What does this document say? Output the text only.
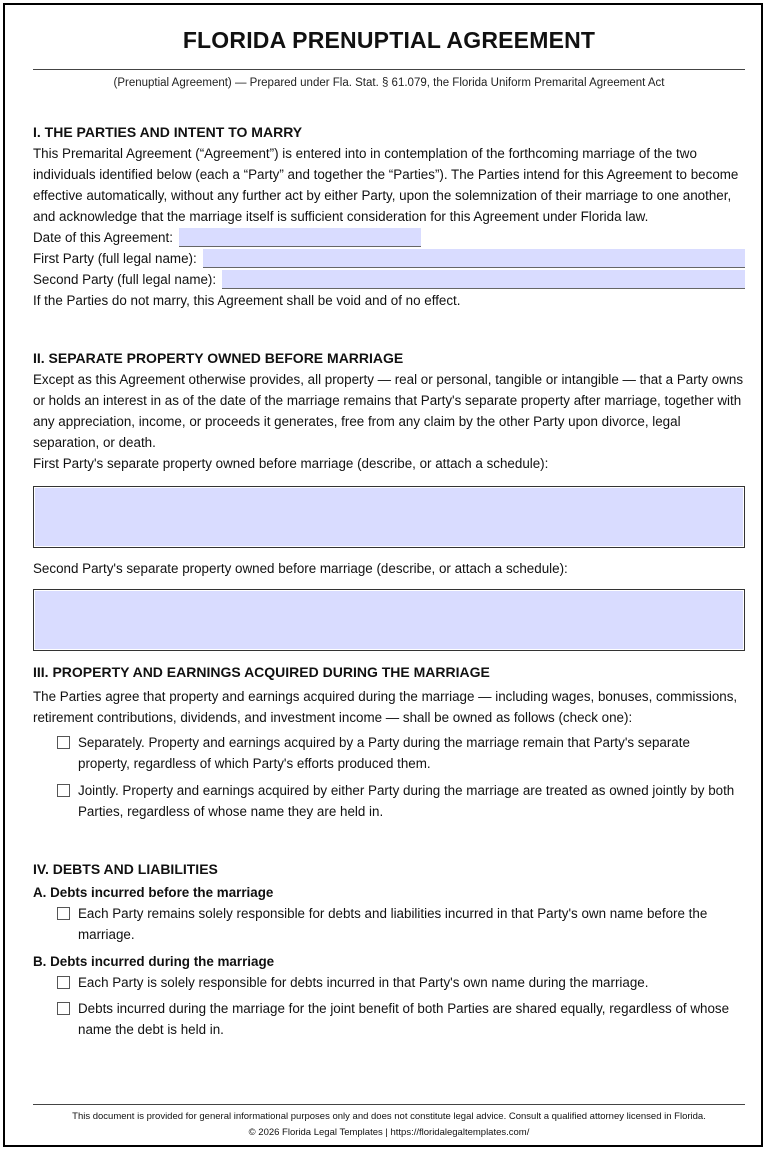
FLORIDA PRENUPTIAL AGREEMENT
(Prenuptial Agreement) — Prepared under Fla. Stat. § 61.079, the Florida Uniform Premarital Agreement Act
I. THE PARTIES AND INTENT TO MARRY

This Premarital Agreement (“Agreement”) is entered into in contemplation of the forthcoming marriage of the two individuals identified below (each a “Party” and together the “Parties”). The Parties intend for this Agreement to become effective automatically, without any further act by either Party, upon the solemnization of their marriage to one another, and acknowledge that the marriage itself is sufficient consideration for this Agreement under Florida law.

Date of this Agreement:
First Party (full legal name):
Second Party (full legal name):

If the Parties do not marry, this Agreement shall be void and of no effect.

II. SEPARATE PROPERTY OWNED BEFORE MARRIAGE

Except as this Agreement otherwise provides, all property — real or personal, tangible or intangible — that a Party owns or holds an interest in as of the date of the marriage remains that Party's separate property after marriage, together with any appreciation, income, or proceeds it generates, free from any claim by the other Party upon divorce, legal separation, or death.

First Party's separate property owned before marriage (describe, or attach a schedule):

Second Party's separate property owned before marriage (describe, or attach a schedule):

III. PROPERTY AND EARNINGS ACQUIRED DURING THE MARRIAGE

The Parties agree that property and earnings acquired during the marriage — including wages, bonuses, commissions, retirement contributions, dividends, and investment income — shall be owned as follows (check one):

Separately. Property and earnings acquired by a Party during the marriage remain that Party's separate property, regardless of which Party's efforts produced them.
Jointly. Property and earnings acquired by either Party during the marriage are treated as owned jointly by both Parties, regardless of whose name they are held in.
IV. DEBTS AND LIABILITIES
A. Debts incurred before the marriage
Each Party remains solely responsible for debts and liabilities incurred in that Party's own name before the marriage.
B. Debts incurred during the marriage
Each Party is solely responsible for debts incurred in that Party's own name during the marriage.
Debts incurred during the marriage for the joint benefit of both Parties are shared equally, regardless of whose name the debt is held in.
This document is provided for general informational purposes only and does not constitute legal advice. Consult a qualified attorney licensed in Florida.
© 2026 Florida Legal Templates | https://floridalegaltemplates.com/
